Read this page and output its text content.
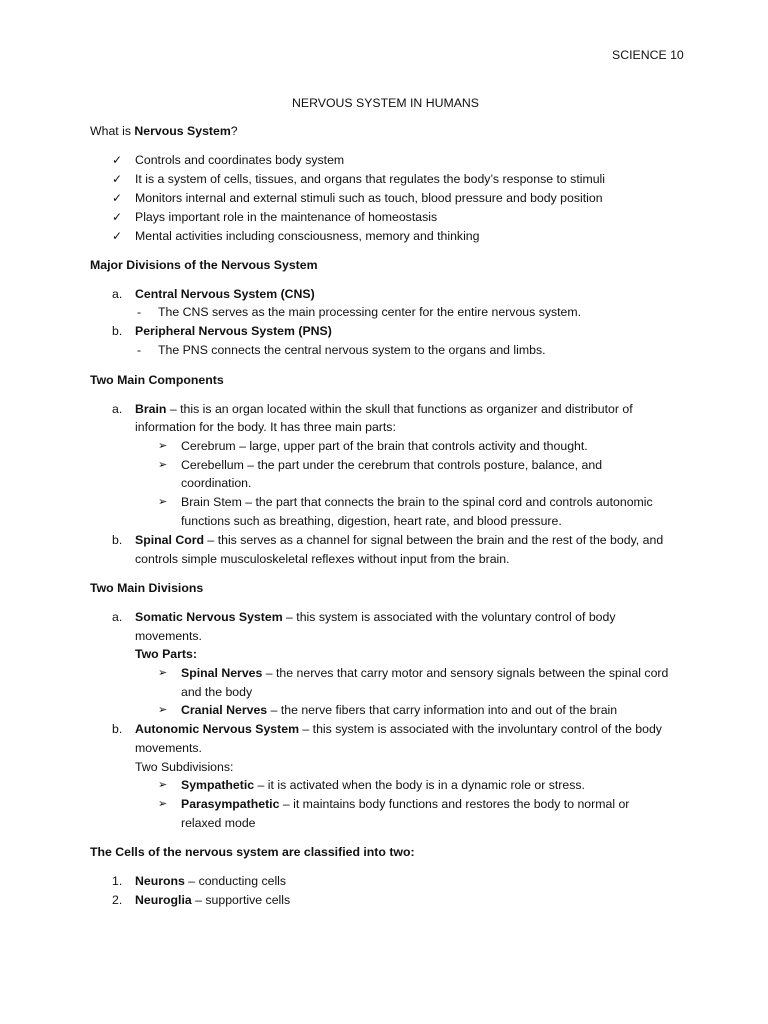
SCIENCE 10
NERVOUS SYSTEM IN HUMANS
What is Nervous System?
✓ Controls and coordinates body system
✓ It is a system of cells, tissues, and organs that regulates the body’s response to stimuli
✓ Monitors internal and external stimuli such as touch, blood pressure and body position
✓ Plays important role in the maintenance of homeostasis
✓ Mental activities including consciousness, memory and thinking
Major Divisions of the Nervous System
a. Central Nervous System (CNS)
- The CNS serves as the main processing center for the entire nervous system.
b. Peripheral Nervous System (PNS)
- The PNS connects the central nervous system to the organs and limbs.
Two Main Components
a. Brain – this is an organ located within the skull that functions as organizer and distributor of
information for the body. It has three main parts:
➢ Cerebrum – large, upper part of the brain that controls activity and thought.
➢ Cerebellum – the part under the cerebrum that controls posture, balance, and
coordination.
➢ Brain Stem – the part that connects the brain to the spinal cord and controls autonomic
functions such as breathing, digestion, heart rate, and blood pressure.
b. Spinal Cord – this serves as a channel for signal between the brain and the rest of the body, and
controls simple musculoskeletal reflexes without input from the brain.
Two Main Divisions
a. Somatic Nervous System – this system is associated with the voluntary control of body
movements.
Two Parts:
➢ Spinal Nerves – the nerves that carry motor and sensory signals between the spinal cord
and the body
➢ Cranial Nerves – the nerve fibers that carry information into and out of the brain
b. Autonomic Nervous System – this system is associated with the involuntary control of the body
movements.
Two Subdivisions:
➢ Sympathetic – it is activated when the body is in a dynamic role or stress.
➢ Parasympathetic – it maintains body functions and restores the body to normal or
relaxed mode
The Cells of the nervous system are classified into two:
1. Neurons – conducting cells
2. Neuroglia – supportive cells
